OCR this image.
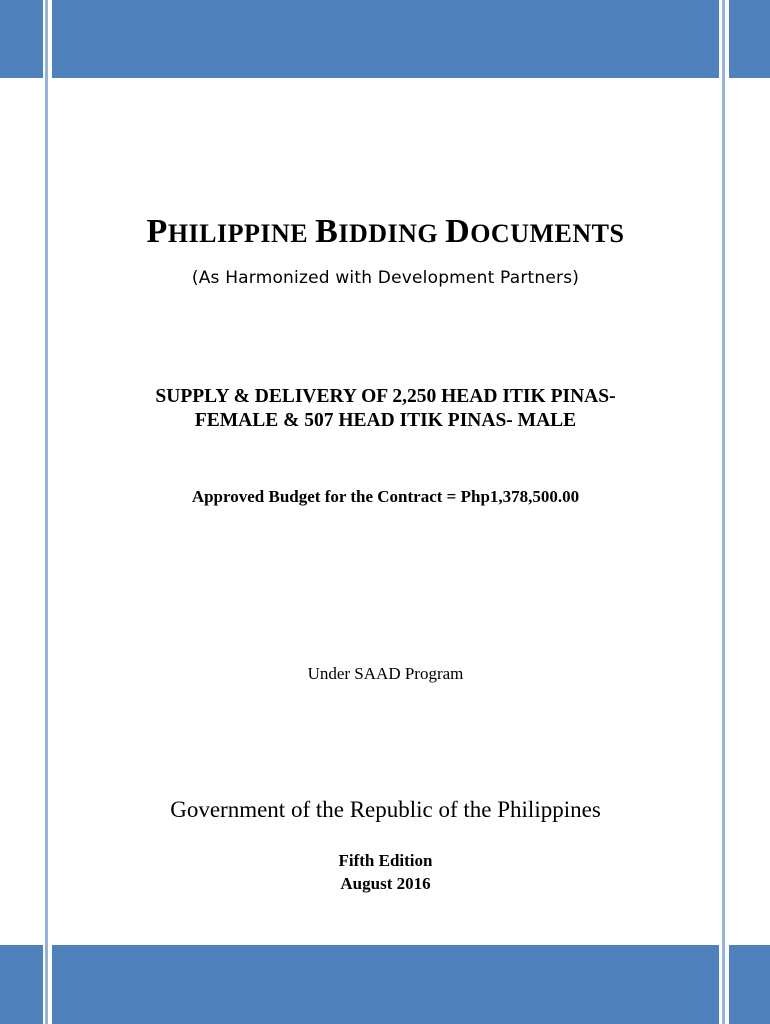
PHILIPPINE BIDDING DOCUMENTS
(As Harmonized with Development Partners)
SUPPLY & DELIVERY OF 2,250 HEAD ITIK PINAS-
FEMALE & 507 HEAD ITIK PINAS- MALE
Approved Budget for the Contract = Php1,378,500.00
Under SAAD Program
Government of the Republic of the Philippines
Fifth Edition
August 2016
